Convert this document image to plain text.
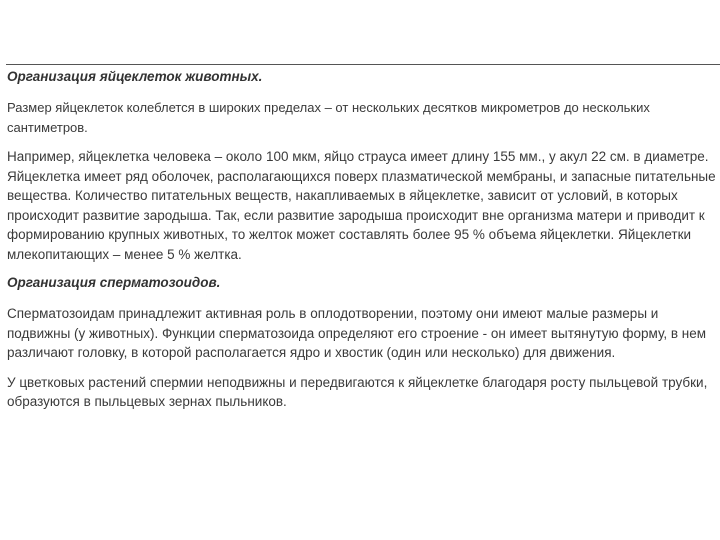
Организация яйцеклеток животных.

Размер яйцеклеток колеблется в широких пределах – от нескольких десятков микрометров до нескольких сантиметров.

Например, яйцеклетка человека – около 100 мкм, яйцо страуса имеет длину 155 мм., у акул 22 см. в диаметре. Яйцеклетка имеет ряд оболочек, располагающихся поверх плазматической мембраны, и запасные питательные вещества. Количество питательных веществ, накапливаемых в яйцеклетке, зависит от условий, в которых происходит развитие зародыша. Так, если развитие зародыша происходит вне организма матери и приводит к формированию крупных животных, то желток может составлять более 95 % объема яйцеклетки. Яйцеклетки млекопитающих – менее 5 % желтка.

Организация сперматозоидов.

Сперматозоидам принадлежит активная роль в оплодотворении, поэтому они имеют малые размеры и подвижны (у животных). Функции сперматозоида определяют его строение - он имеет вытянутую форму, в нем различают головку, в которой располагается ядро и хвостик (один или несколько) для движения.

У цветковых растений спермии неподвижны и передвигаются к яйцеклетке благодаря росту пыльцевой трубки, образуются в пыльцевых зернах пыльников.
